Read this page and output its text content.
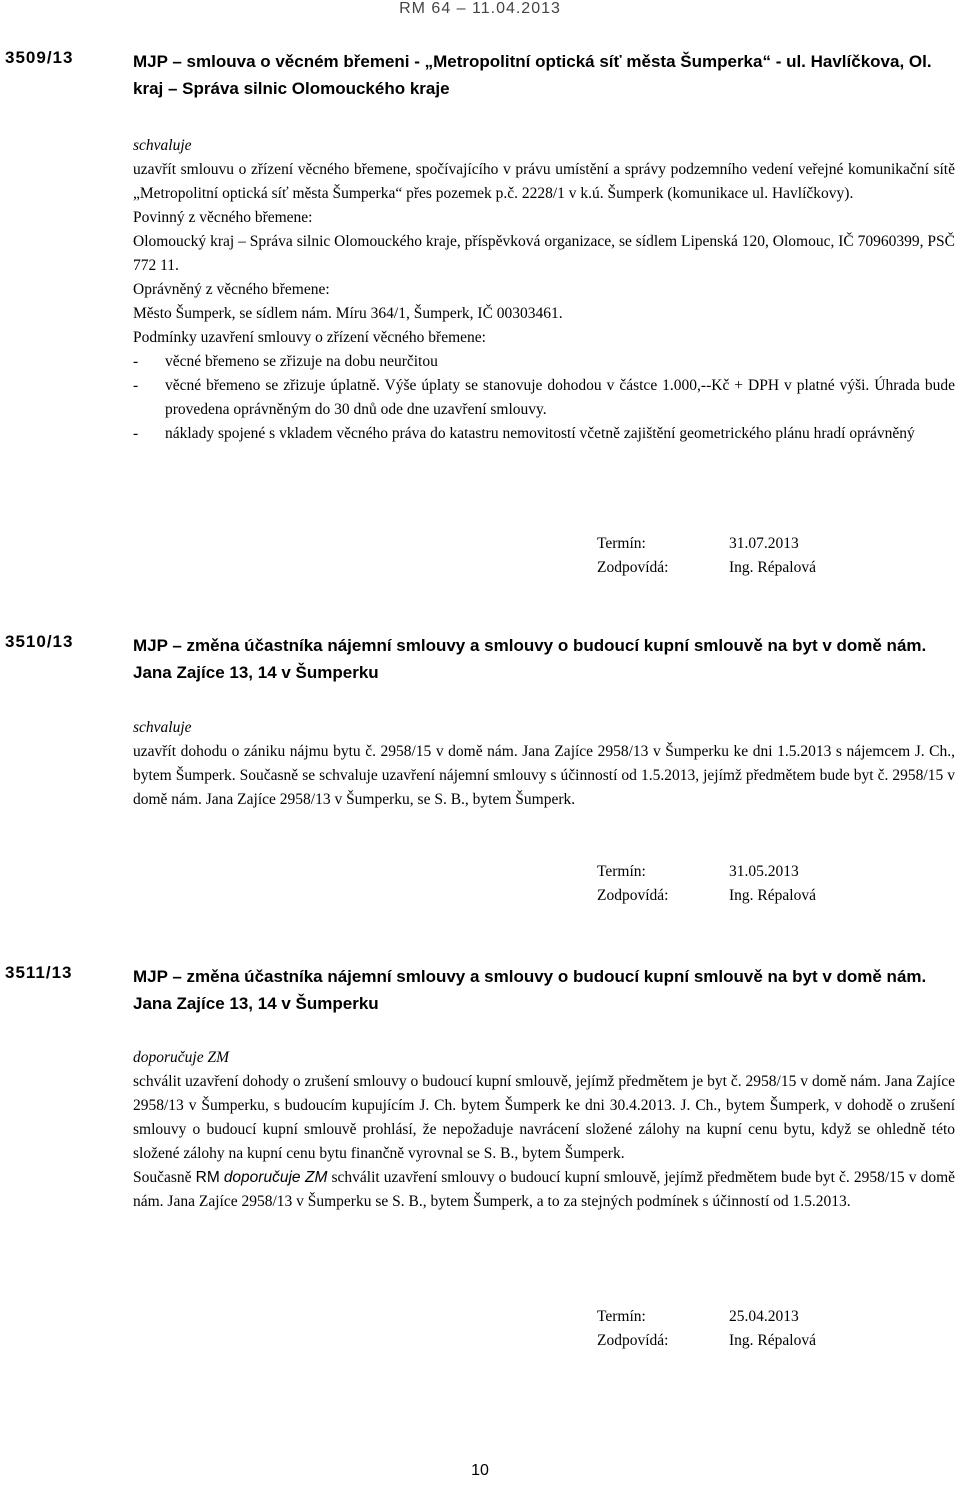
RM 64 – 11.04.2013
3509/13	MJP – smlouva o věcném břemeni - „Metropolitní optická síť města Šumperka“ - ul. Havlíčkova, Ol. kraj – Správa silnic Olomouckého kraje

schvaluje

uzavřít smlouvu o zřízení věcného břemene, spočívajícího v právu umístění a správy podzemního vedení veřejné komunikační sítě „Metropolitní optická síť města Šumperka“ přes pozemek p.č. 2228/1 v k.ú. Šumperk (komunikace ul. Havlíčkovy).

Povinný z věcného břemene:

Olomoucký kraj – Správa silnic Olomouckého kraje, příspěvková organizace, se sídlem Lipenská 120, Olomouc, IČ 70960399, PSČ 772 11.

Oprávněný z věcného břemene:

Město Šumperk, se sídlem nám. Míru 364/1, Šumperk, IČ 00303461.

Podmínky uzavření smlouvy o zřízení věcného břemene:

-	věcné břemeno se zřizuje na dobu neurčitou
-	věcné břemeno se zřizuje úplatně. Výše úplaty se stanovuje dohodou v částce 1.000,--Kč + DPH v platné výši. Úhrada bude provedena oprávněným do 30 dnů ode dne uzavření smlouvy.
-	náklady spojené s vkladem věcného práva do katastru nemovitostí včetně zajištění geometrického plánu hradí oprávněný
Termín:	31.07.2013
Zodpovídá:	Ing. Répalová
3510/13	MJP – změna účastníka nájemní smlouvy a smlouvy o budoucí kupní smlouvě na byt v domě nám. Jana Zajíce 13, 14 v Šumperku

schvaluje

uzavřít dohodu o zániku nájmu bytu č. 2958/15 v domě nám. Jana Zajíce 2958/13 v Šumperku ke dni 1.5.2013 s nájemcem J. Ch., bytem Šumperk. Současně se schvaluje uzavření nájemní smlouvy s účinností od 1.5.2013, jejímž předmětem bude byt č. 2958/15 v domě nám. Jana Zajíce 2958/13 v Šumperku, se S. B., bytem Šumperk.

Termín:	31.05.2013
Zodpovídá:	Ing. Répalová
3511/13	MJP – změna účastníka nájemní smlouvy a smlouvy o budoucí kupní smlouvě na byt v domě nám. Jana Zajíce 13, 14 v Šumperku

doporučuje ZM

schválit uzavření dohody o zrušení smlouvy o budoucí kupní smlouvě, jejímž předmětem je byt č. 2958/15 v domě nám. Jana Zajíce 2958/13 v Šumperku, s budoucím kupujícím J. Ch. bytem Šumperk ke dni 30.4.2013. J. Ch., bytem Šumperk, v dohodě o zrušení smlouvy o budoucí kupní smlouvě prohlásí, že nepožaduje navrácení složené zálohy na kupní cenu bytu, když se ohledně této složené zálohy na kupní cenu bytu finančně vyrovnal se S. B., bytem Šumperk.

Současně RM doporučuje ZM schválit uzavření smlouvy o budoucí kupní smlouvě, jejímž předmětem bude byt č. 2958/15 v domě nám. Jana Zajíce 2958/13 v Šumperku se S. B., bytem Šumperk, a to za stejných podmínek s účinností od 1.5.2013.

Termín:	25.04.2013
Zodpovídá:	Ing. Répalová
10
